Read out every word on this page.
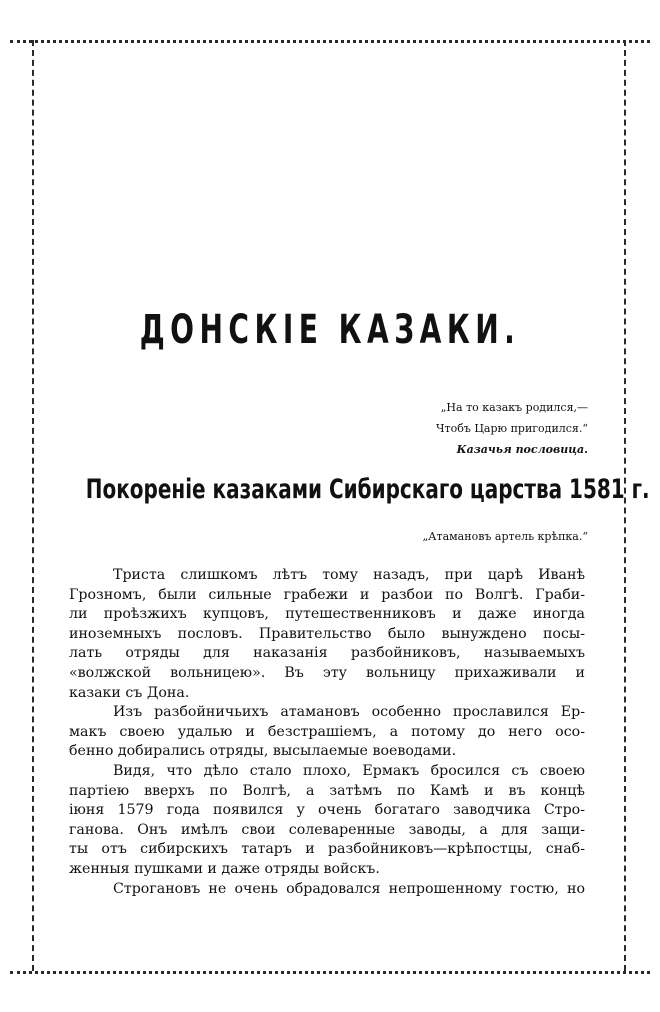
ДОНСКIЕ КАЗАКИ.
„На то казакъ родился,—
Чтобъ Царю пригодился.“
Казачья пословица.
Покоренiе казаками Сибирскаго царства 1581 г.
„Атамановъ артель крѣпка.“
Триста слишкомъ лѣтъ тому назадъ, при царѣ Иванѣ
Грозномъ, были сильные грабежи и разбои по Волгѣ. Граби-
ли проѣзжихъ купцовъ, путешественниковъ и даже иногда
иноземныхъ пословъ. Правительство было вынуждено посы-
лать отряды для наказанiя разбойниковъ, называемыхъ
«волжской вольницею». Въ эту вольницу приxаживали и
казаки съ Дона.
Изъ разбойничьихъ атамановъ особенно прославился Ер-
макъ своею удалью и безстрашiемъ, а потому до него осо-
бенно добирались отряды, высылаемые воеводами.
Видя, что дѣло стало плохо, Ермакъ бросился съ своею
партiею вверхъ по Волгѣ, а затѣмъ по Камѣ и въ концѣ
iюня 1579 года появился у очень богатаго заводчика Стро-
ганова. Онъ имѣлъ свои солеваренные заводы, а для защи-
ты отъ сибирскихъ татаръ и разбойниковъ—крѣпостцы, снаб-
женныя пушками и даже отряды войскъ.
Строгановъ не очень обрадовался непрошенному гостю, но
